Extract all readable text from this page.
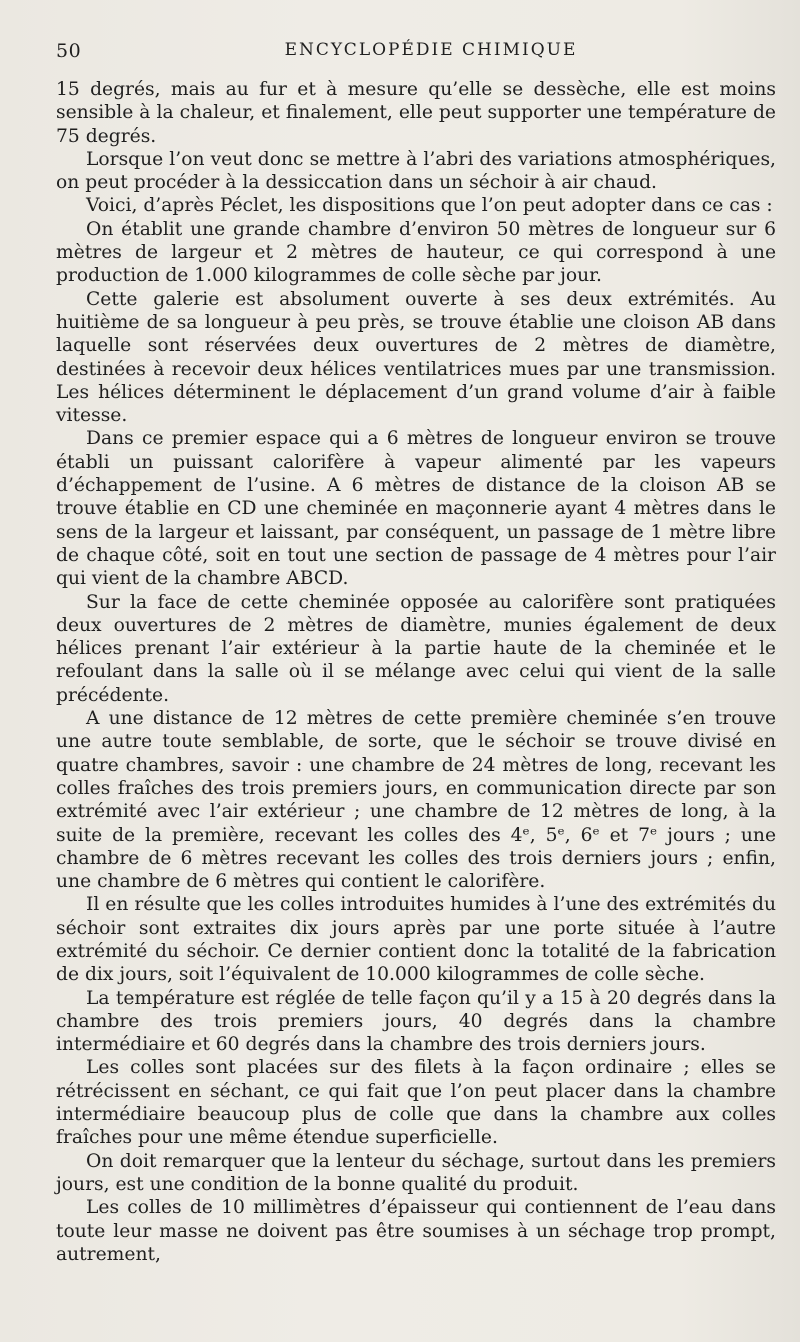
50	ENCYCLOPÉDIE CHIMIQUE

15 degrés, mais au fur et à mesure qu’elle se dessèche, elle est moins sensible à la chaleur, et finalement, elle peut supporter une température de 75 degrés.

Lorsque l’on veut donc se mettre à l’abri des variations atmosphériques, on peut procéder à la dessiccation dans un séchoir à air chaud.

Voici, d’après Péclet, les dispositions que l’on peut adopter dans ce cas :

On établit une grande chambre d’environ 50 mètres de longueur sur 6 mètres de largeur et 2 mètres de hauteur, ce qui correspond à une production de 1.000 kilogrammes de colle sèche par jour.

Cette galerie est absolument ouverte à ses deux extrémités. Au huitième de sa longueur à peu près, se trouve établie une cloison AB dans laquelle sont réservées deux ouvertures de 2 mètres de diamètre, destinées à recevoir deux hélices ventilatrices mues par une transmission. Les hélices déterminent le déplacement d’un grand volume d’air à faible vitesse.

Dans ce premier espace qui a 6 mètres de longueur environ se trouve établi un puissant calorifère à vapeur alimenté par les vapeurs d’échappement de l’usine. A 6 mètres de distance de la cloison AB se trouve établie en CD une cheminée en maçonnerie ayant 4 mètres dans le sens de la largeur et laissant, par conséquent, un passage de 1 mètre libre de chaque côté, soit en tout une section de passage de 4 mètres pour l’air qui vient de la chambre ABCD.

Sur la face de cette cheminée opposée au calorifère sont pratiquées deux ouvertures de 2 mètres de diamètre, munies également de deux hélices prenant l’air extérieur à la partie haute de la cheminée et le refoulant dans la salle où il se mélange avec celui qui vient de la salle précédente.

A une distance de 12 mètres de cette première cheminée s’en trouve une autre toute semblable, de sorte, que le séchoir se trouve divisé en quatre chambres, savoir : une chambre de 24 mètres de long, recevant les colles fraîches des trois premiers jours, en communication directe par son extrémité avec l’air extérieur ; une chambre de 12 mètres de long, à la suite de la première, recevant les colles des 4ᵉ, 5ᵉ, 6ᵉ et 7ᵉ jours ; une chambre de 6 mètres recevant les colles des trois derniers jours ; enfin, une chambre de 6 mètres qui contient le calorifère.

Il en résulte que les colles introduites humides à l’une des extrémités du séchoir sont extraites dix jours après par une porte située à l’autre extrémité du séchoir. Ce dernier contient donc la totalité de la fabrication de dix jours, soit l’équivalent de 10.000 kilogrammes de colle sèche.

La température est réglée de telle façon qu’il y a 15 à 20 degrés dans la chambre des trois premiers jours, 40 degrés dans la chambre intermédiaire et 60 degrés dans la chambre des trois derniers jours.

Les colles sont placées sur des filets à la façon ordinaire ; elles se rétrécissent en séchant, ce qui fait que l’on peut placer dans la chambre intermédiaire beaucoup plus de colle que dans la chambre aux colles fraîches pour une même étendue superficielle.

On doit remarquer que la lenteur du séchage, surtout dans les premiers jours, est une condition de la bonne qualité du produit.

Les colles de 10 millimètres d’épaisseur qui contiennent de l’eau dans toute leur masse ne doivent pas être soumises à un séchage trop prompt, autrement,
